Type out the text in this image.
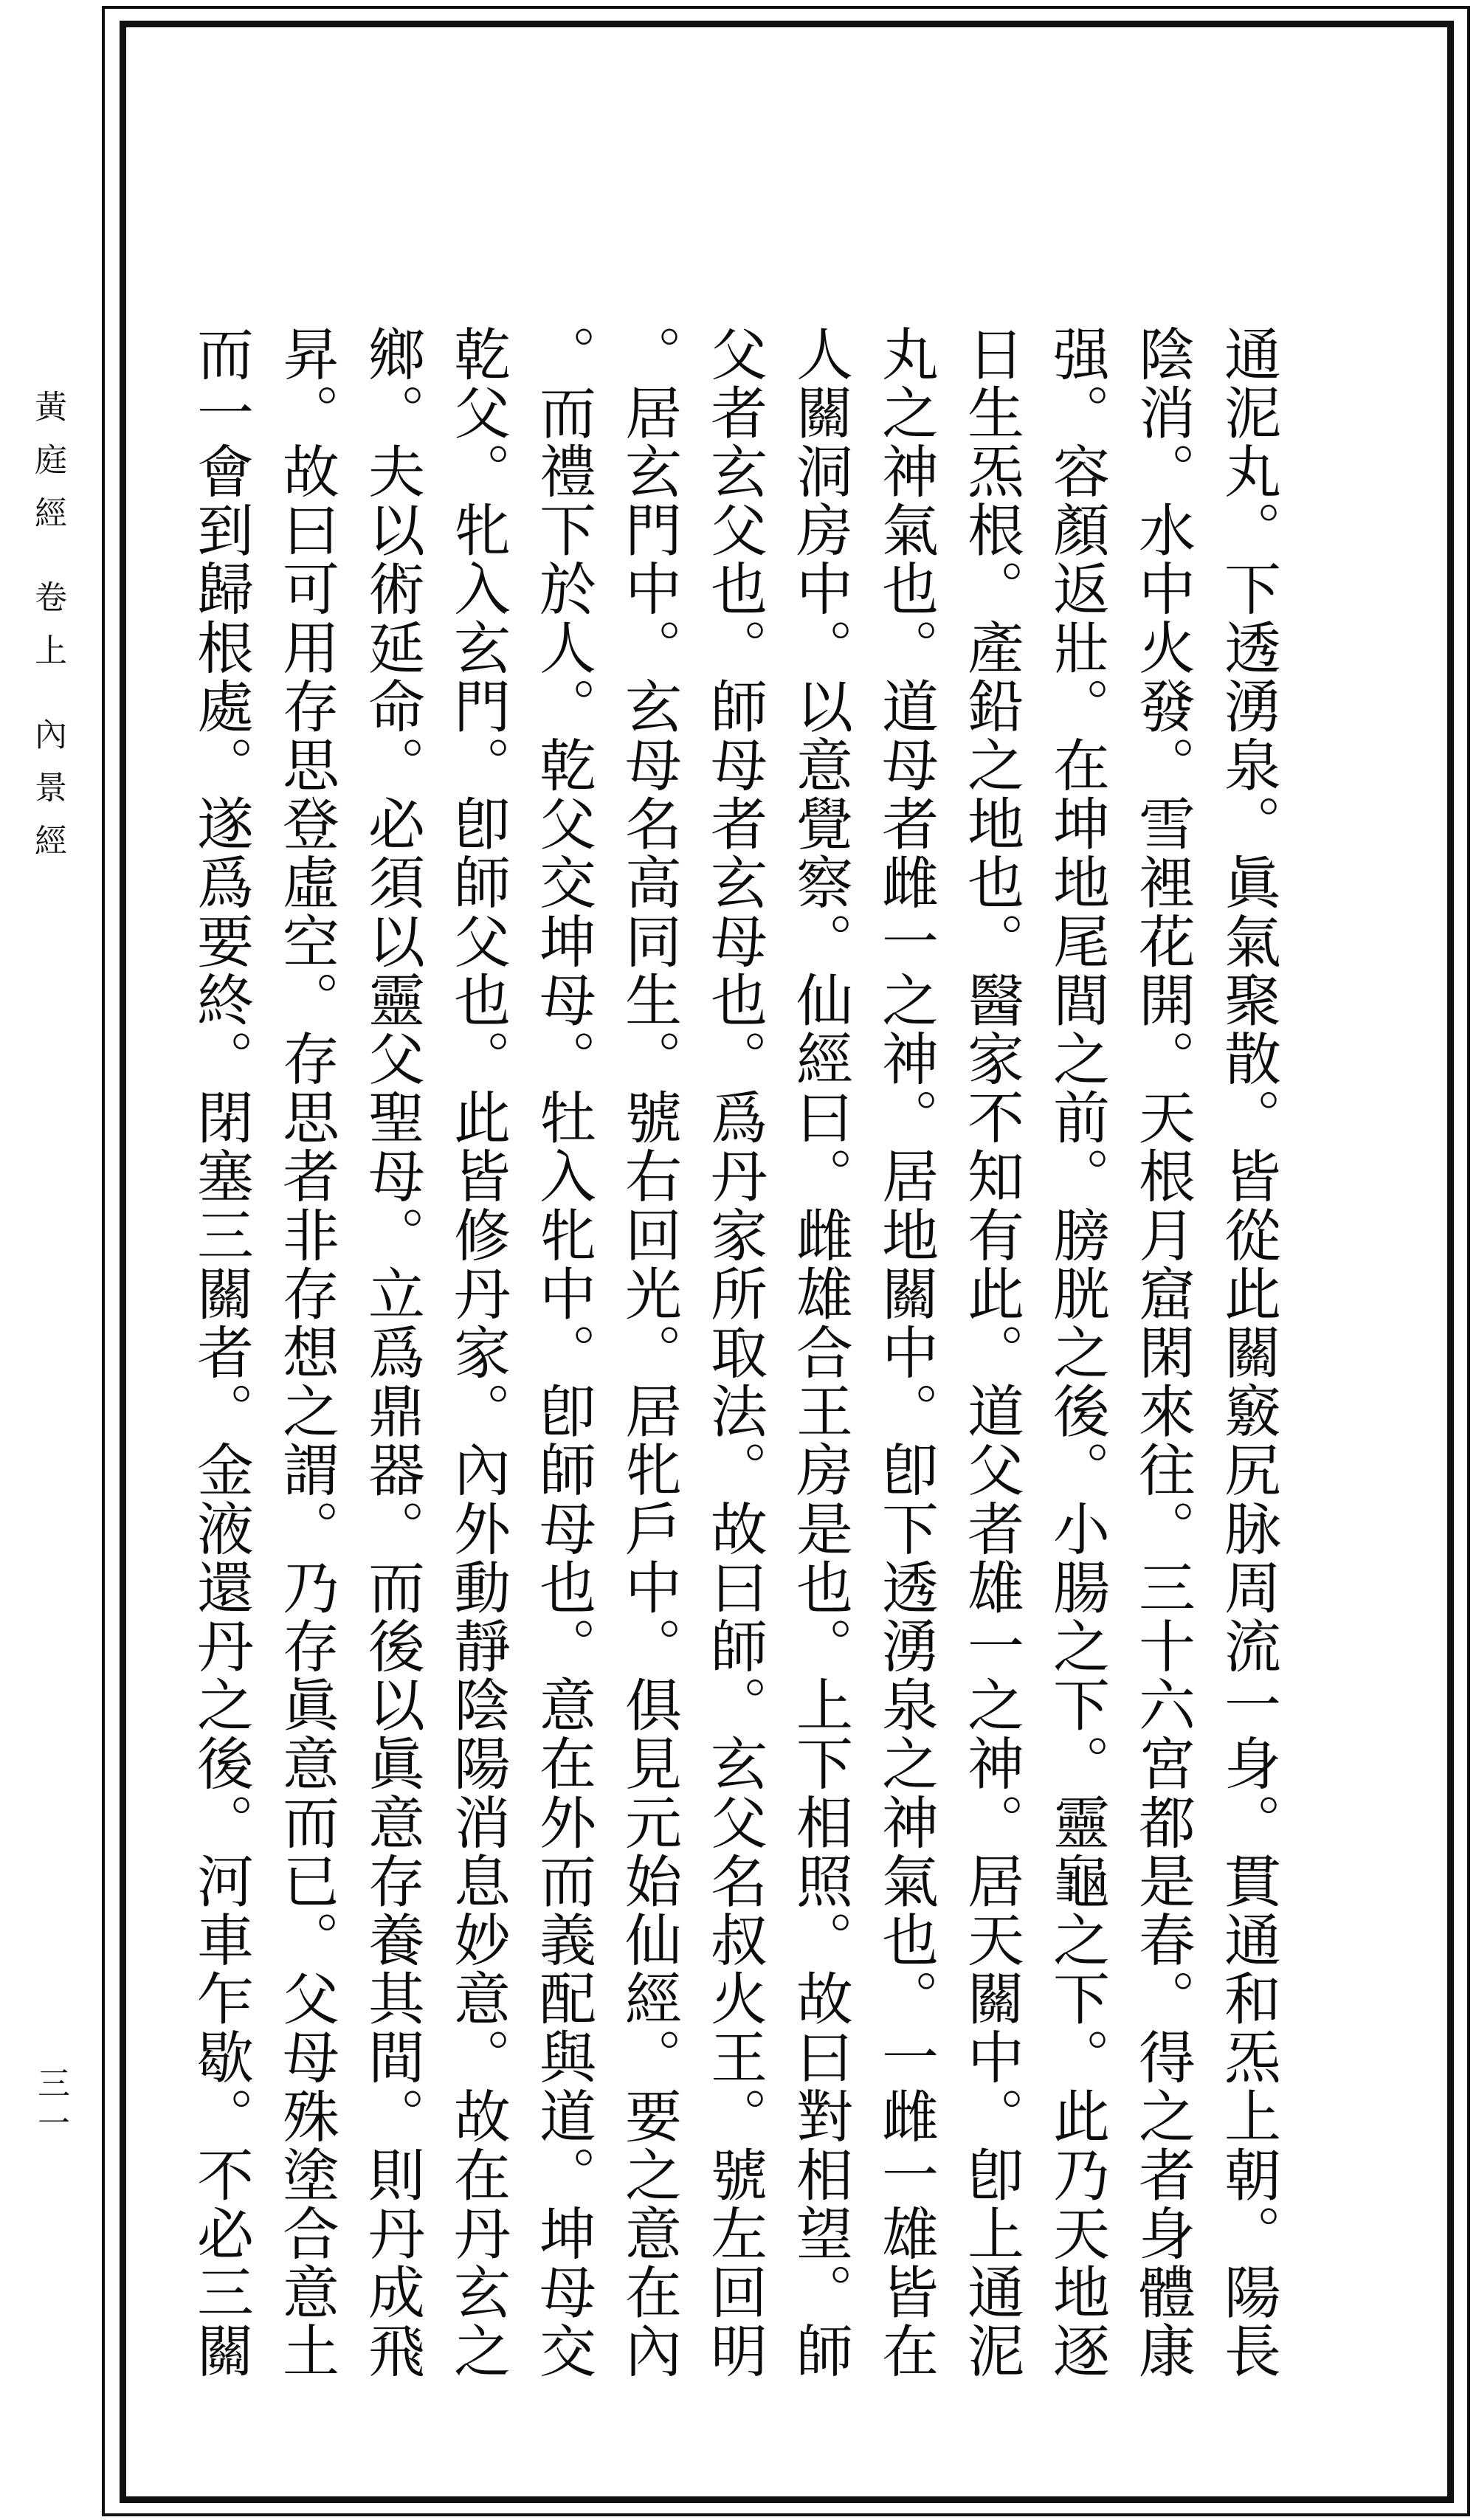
黃庭經 卷上 內景經
三一	通泥丸。下透湧泉。眞氣聚散。皆從此關竅尻脉周流一身。貫通和炁上朝。陽長

陰消。水中火發。雪裡花開。天根月窟閑來往。三十六宮都是春。得之者身體康

强。容顏返壯。在坤地尾閭之前。膀胱之後。小腸之下。靈龜之下。此乃天地逐

日生炁根。產鉛之地也。醫家不知有此。道父者雄一之神。居天關中。卽上通泥

丸之神氣也。道母者雌一之神。居地關中。卽下透湧泉之神氣也。一雌一雄皆在

人關洞房中。以意覺察。仙經曰。雌雄合王房是也。上下相照。故曰對相望。師

父者玄父也。師母者玄母也。爲丹家所取法。故曰師。玄父名叔火王。號左回明

。居玄門中。玄母名高同生。號右回光。居牝戶中。俱見元始仙經。要之意在內

。而禮下於人。乾父交坤母。牡入牝中。卽師母也。意在外而義配與道。坤母交

乾父。牝入玄門。卽師父也。此皆修丹家。內外動靜陰陽消息妙意。故在丹玄之

鄉。夫以術延命。必須以靈父聖母。立爲鼎器。而後以眞意存養其間。則丹成飛

昇。故曰可用存思登虛空。存思者非存想之謂。乃存眞意而已。父母殊塗合意土

而一會到歸根處。遂爲要終。閉塞三關者。金液還丹之後。河車乍歇。不必三關
